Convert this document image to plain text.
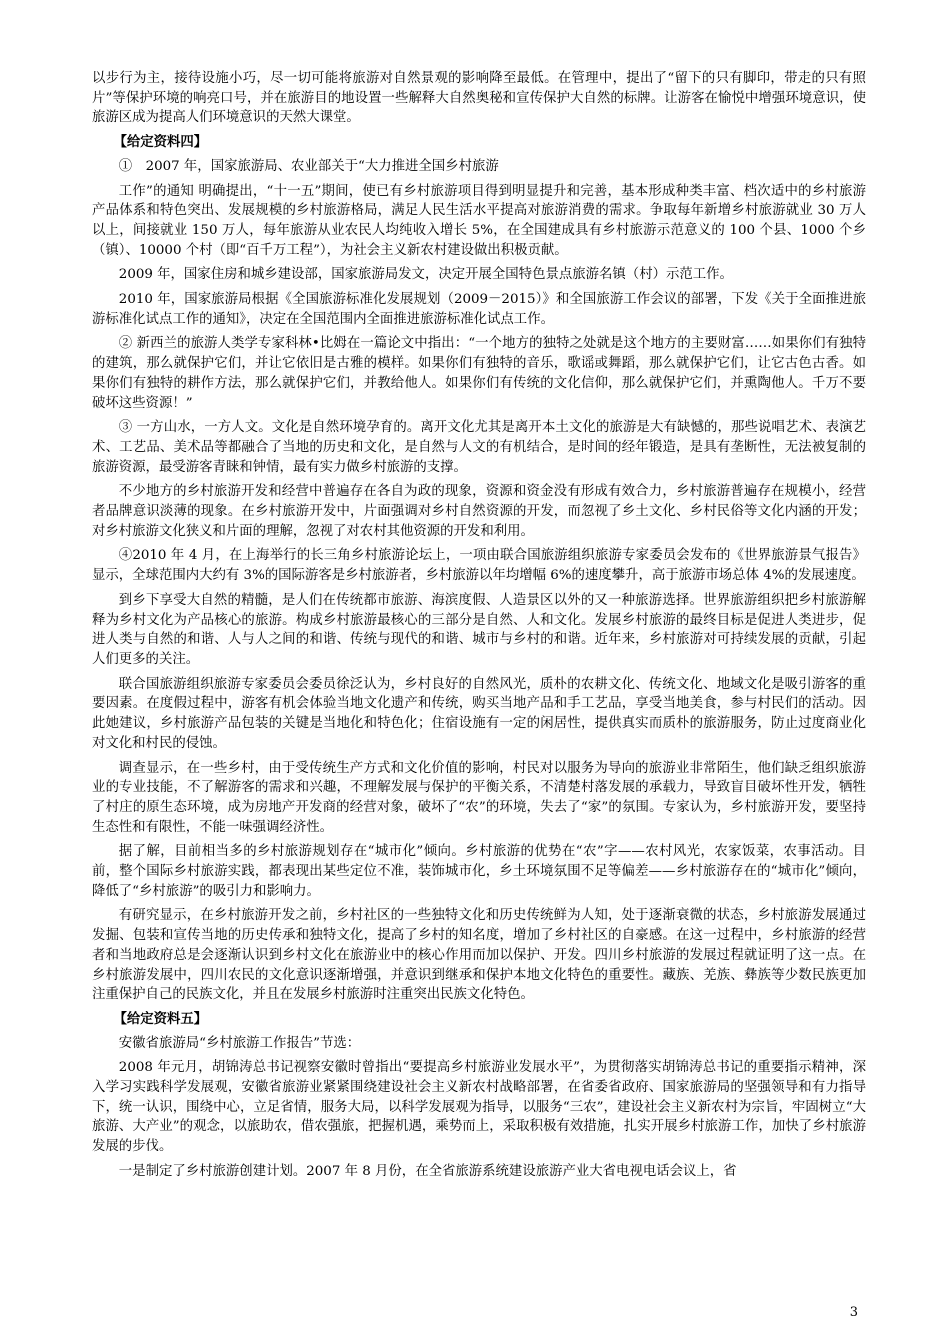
以步行为主，接待设施小巧，尽一切可能将旅游对自然景观的影响降至最低。在管理中，提出了“留下的只有脚印，带走的只有照片”等保护环境的响亮口号，并在旅游目的地设置一些解释大自然奥秘和宣传保护大自然的标牌。让游客在愉悦中增强环境意识，使旅游区成为提高人们环境意识的天然大课堂。

【给定资料四】

①　2007 年，国家旅游局、农业部关于“大力推进全国乡村旅游

工作”的通知 明确提出，“十一五”期间，使已有乡村旅游项目得到明显提升和完善，基本形成种类丰富、档次适中的乡村旅游产品体系和特色突出、发展规模的乡村旅游格局，满足人民生活水平提高对旅游消费的需求。争取每年新增乡村旅游就业 30 万人以上，间接就业 150 万人，每年旅游从业农民人均纯收入增长 5%，在全国建成具有乡村旅游示范意义的 100 个县、1000 个乡（镇）、10000 个村（即“百千万工程”），为社会主义新农村建设做出积极贡献。

2009 年，国家住房和城乡建设部，国家旅游局发文，决定开展全国特色景点旅游名镇（村）示范工作。

2010 年，国家旅游局根据《全国旅游标准化发展规划（2009－2015）》和全国旅游工作会议的部署，下发《关于全面推进旅游标准化试点工作的通知》，决定在全国范围内全面推进旅游标准化试点工作。

② 新西兰的旅游人类学专家科林•比姆在一篇论文中指出：“一个地方的独特之处就是这个地方的主要财富……如果你们有独特的建筑，那么就保护它们，并让它依旧是古雅的模样。如果你们有独特的音乐，歌谣或舞蹈，那么就保护它们，让它古色古香。如果你们有独特的耕作方法，那么就保护它们，并教给他人。如果你们有传统的文化信仰，那么就保护它们，并熏陶他人。千万不要破坏这些资源！”

③ 一方山水，一方人文。文化是自然环境孕育的。离开文化尤其是离开本土文化的旅游是大有缺憾的，那些说唱艺术、表演艺术、工艺品、美术品等都融合了当地的历史和文化，是自然与人文的有机结合，是时间的经年锻造，是具有垄断性，无法被复制的旅游资源，最受游客青睐和钟情，最有实力做乡村旅游的支撑。

不少地方的乡村旅游开发和经营中普遍存在各自为政的现象，资源和资金没有形成有效合力，乡村旅游普遍存在规模小，经营者品牌意识淡薄的现象。在乡村旅游开发中，片面强调对乡村自然资源的开发，而忽视了乡土文化、乡村民俗等文化内涵的开发；对乡村旅游文化狭义和片面的理解，忽视了对农村其他资源的开发和利用。

④2010 年 4 月，在上海举行的长三角乡村旅游论坛上，一项由联合国旅游组织旅游专家委员会发布的《世界旅游景气报告》显示，全球范围内大约有 3%的国际游客是乡村旅游者，乡村旅游以年均增幅 6%的速度攀升，高于旅游市场总体 4%的发展速度。

到乡下享受大自然的精髓，是人们在传统都市旅游、海滨度假、人造景区以外的又一种旅游选择。世界旅游组织把乡村旅游解释为乡村文化为产品核心的旅游。构成乡村旅游最核心的三部分是自然、人和文化。发展乡村旅游的最终目标是促进人类进步，促进人类与自然的和谐、人与人之间的和谐、传统与现代的和谐、城市与乡村的和谐。近年来，乡村旅游对可持续发展的贡献，引起人们更多的关注。

联合国旅游组织旅游专家委员会委员徐泛认为，乡村良好的自然风光，质朴的农耕文化、传统文化、地域文化是吸引游客的重要因素。在度假过程中，游客有机会体验当地文化遗产和传统，购买当地产品和手工艺品，享受当地美食，参与村民们的活动。因此她建议，乡村旅游产品包装的关键是当地化和特色化；住宿设施有一定的闲居性，提供真实而质朴的旅游服务，防止过度商业化对文化和村民的侵蚀。

调查显示，在一些乡村，由于受传统生产方式和文化价值的影响，村民对以服务为导向的旅游业非常陌生，他们缺乏组织旅游业的专业技能，不了解游客的需求和兴趣，不理解发展与保护的平衡关系，不清楚村落发展的承载力，导致盲目破坏性开发，牺牲了村庄的原生态环境，成为房地产开发商的经营对象，破坏了“农”的环境，失去了“家”的氛围。专家认为，乡村旅游开发，要坚持生态性和有限性，不能一味强调经济性。

据了解，目前相当多的乡村旅游规划存在“城市化”倾向。乡村旅游的优势在“农”字——农村风光，农家饭菜，农事活动。目前，整个国际乡村旅游实践，都表现出某些定位不准，装饰城市化，乡土环境氛围不足等偏差——乡村旅游存在的“城市化”倾向，降低了“乡村旅游”的吸引力和影响力。

有研究显示，在乡村旅游开发之前，乡村社区的一些独特文化和历史传统鲜为人知，处于逐渐衰微的状态，乡村旅游发展通过发掘、包装和宣传当地的历史传承和独特文化，提高了乡村的知名度，增加了乡村社区的自豪感。在这一过程中，乡村旅游的经营者和当地政府总是会逐渐认识到乡村文化在旅游业中的核心作用而加以保护、开发。四川乡村旅游的发展过程就证明了这一点。在乡村旅游发展中，四川农民的文化意识逐渐增强，并意识到继承和保护本地文化特色的重要性。藏族、羌族、彝族等少数民族更加注重保护自己的民族文化，并且在发展乡村旅游时注重突出民族文化特色。

【给定资料五】

安徽省旅游局“乡村旅游工作报告”节选：

2008 年元月，胡锦涛总书记视察安徽时曾指出“要提高乡村旅游业发展水平”，为贯彻落实胡锦涛总书记的重要指示精神，深入学习实践科学发展观，安徽省旅游业紧紧围绕建设社会主义新农村战略部署，在省委省政府、国家旅游局的坚强领导和有力指导下，统一认识，围绕中心，立足省情，服务大局，以科学发展观为指导，以服务“三农”，建设社会主义新农村为宗旨，牢固树立“大旅游、大产业”的观念，以旅助农，借农强旅，把握机遇，乘势而上，采取积极有效措施，扎实开展乡村旅游工作，加快了乡村旅游发展的步伐。

一是制定了乡村旅游创建计划。2007 年 8 月份，在全省旅游系统建设旅游产业大省电视电话会议上，省

3
